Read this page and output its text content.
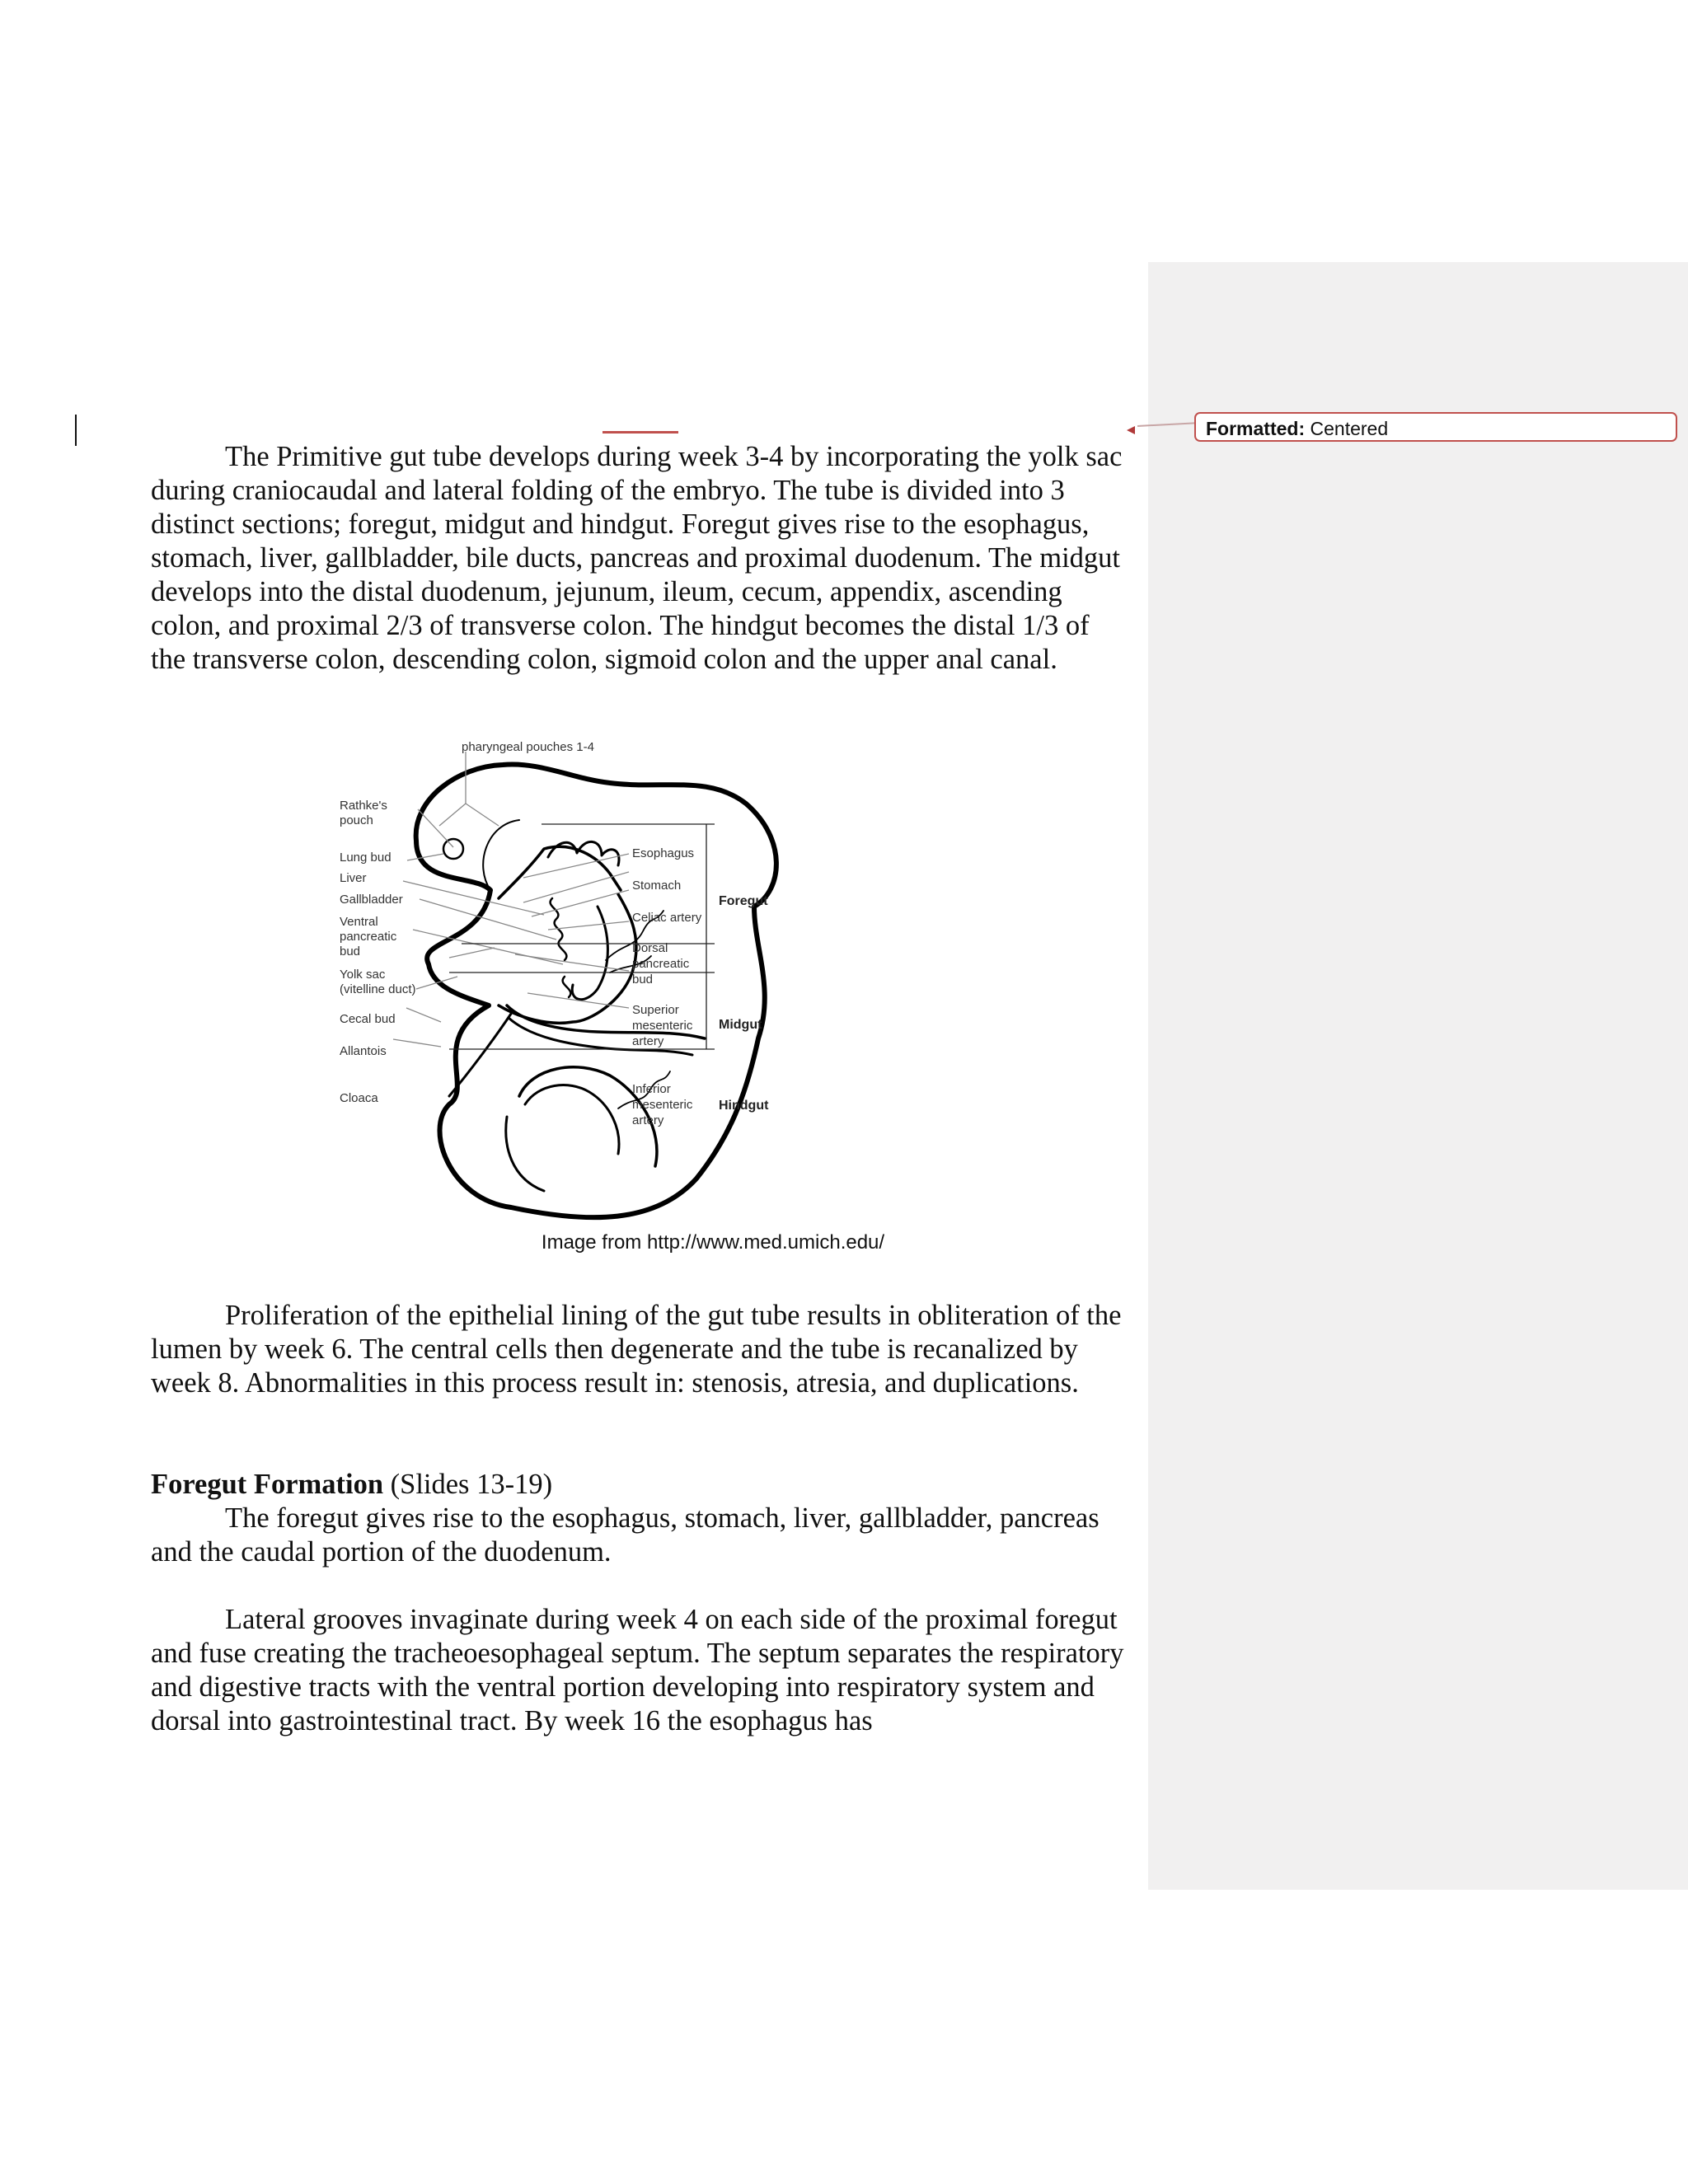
Formatted: Centered

The Primitive gut tube develops during week 3-4 by incorporating the yolk sac during craniocaudal and lateral folding of the embryo. The tube is divided into 3 distinct sections; foregut, midgut and hindgut. Foregut gives rise to the esophagus, stomach, liver, gallbladder, bile ducts, pancreas and proximal duodenum. The midgut develops into the distal duodenum, jejunum, ileum, cecum, appendix, ascending colon, and proximal 2/3 of transverse colon. The hindgut becomes the distal 1/3 of the transverse colon, descending colon, sigmoid colon and the upper anal canal.

pharyngeal pouches 1-4
Rathke's
pouch
Lung bud
Liver
Gallbladder
Ventral
pancreatic
bud
Yolk sac
(vitelline duct)
Cecal bud
Allantois
Cloaca
Esophagus
Stomach
Celiac artery
Dorsal
pancreatic
bud
Superior
mesenteric
artery
Inferior
mesenteric
artery
Foregut
Midgut
Hindgut
Image from http://www.med.umich.edu/

Proliferation of the epithelial lining of the gut tube results in obliteration of the lumen by week 6. The central cells then degenerate and the tube is recanalized by week 8. Abnormalities in this process result in: stenosis, atresia, and duplications.

Foregut Formation (Slides 13-19)

The foregut gives rise to the esophagus, stomach, liver, gallbladder, pancreas and the caudal portion of the duodenum.

Lateral grooves invaginate during week 4 on each side of the proximal foregut and fuse creating the tracheoesophageal septum. The septum separates the respiratory and digestive tracts with the ventral portion developing into respiratory system and dorsal into gastrointestinal tract. By week 16 the esophagus has
